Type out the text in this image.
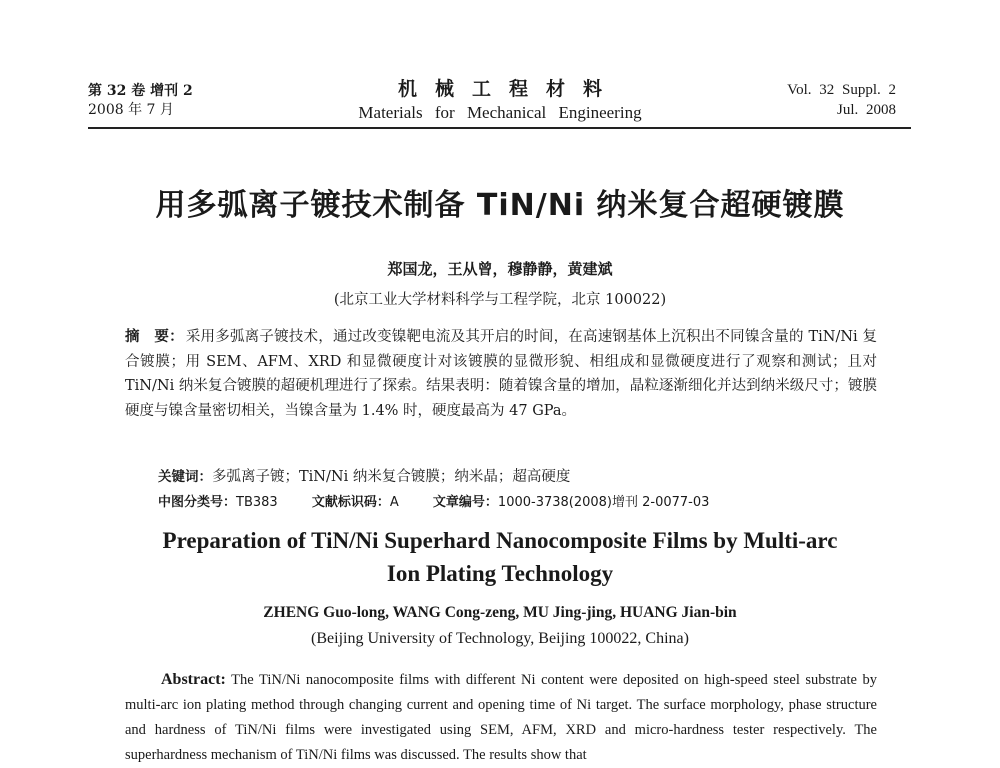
第 32 卷 增刊 2
2008 年 7 月
机械工程材料
Materials for Mechanical Engineering
Vol. 32 Suppl. 2
Jul. 2008
用多弧离子镀技术制备 TiN/Ni 纳米复合超硬镀膜
郑国龙，王从曾，穆静静，黄建斌
(北京工业大学材料科学与工程学院，北京 100022)
摘　要： 采用多弧离子镀技术，通过改变镍靶电流及其开启的时间，在高速钢基体上沉积出不同镍含量的 TiN/Ni 复合镀膜；用 SEM、AFM、XRD 和显微硬度计对该镀膜的显微形貌、相组成和显微硬度进行了观察和测试；且对 TiN/Ni 纳米复合镀膜的超硬机理进行了探索。结果表明：随着镍含量的增加，晶粒逐渐细化并达到纳米级尺寸；镀膜硬度与镍含量密切相关，当镍含量为 1.4% 时，硬度最高为 47 GPa。
关键词：多弧离子镀；TiN/Ni 纳米复合镀膜；纳米晶；超高硬度
中图分类号：TB383	文献标识码：A	文章编号：1000-3738(2008)增刊 2-0077-03
Preparation of TiN/Ni Superhard Nanocomposite Films by Multi-arc
Ion Plating Technology
ZHENG Guo-long, WANG Cong-zeng, MU Jing-jing, HUANG Jian-bin
(Beijing University of Technology, Beijing 100022, China)
Abstract: The TiN/Ni nanocomposite films with different Ni content were deposited on high-speed steel substrate by multi-arc ion plating method through changing current and opening time of Ni target. The surface morphology, phase structure and hardness of TiN/Ni films were investigated using SEM, AFM, XRD and micro-hardness tester respectively. The superhardness mechanism of TiN/Ni films was discussed. The results show that
